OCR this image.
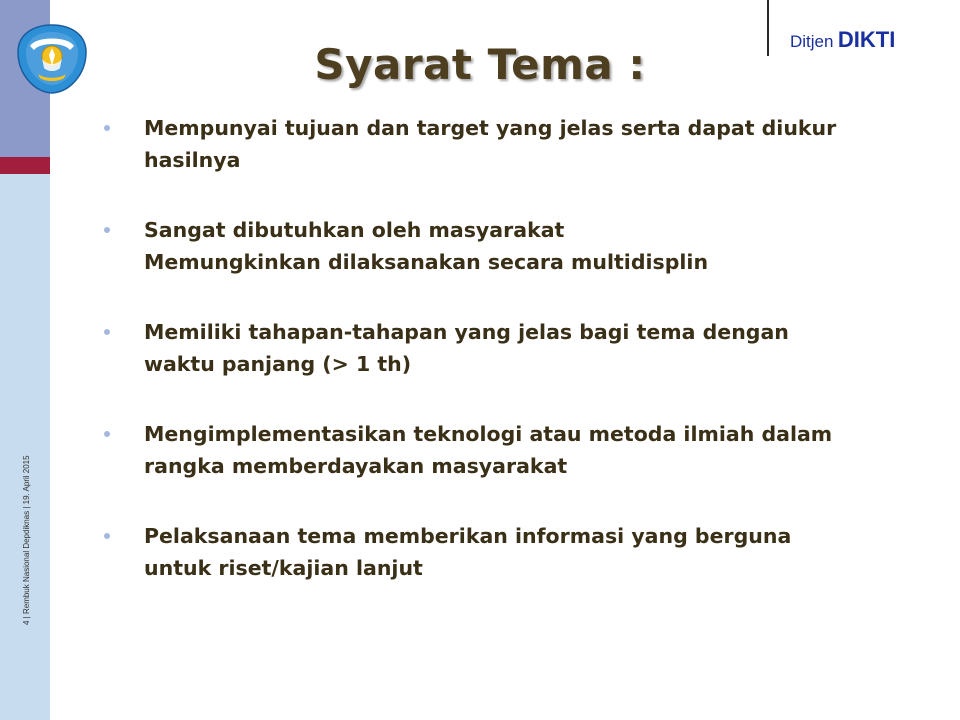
4 | Rembuk Nasional Depdiknas | 19. April 2015
Ditjen DIKTI
Syarat Tema :
Mempunyai tujuan dan target yang jelas serta dapat diukur
hasilnya
Sangat dibutuhkan oleh masyarakat
Memungkinkan dilaksanakan secara multidisplin
Memiliki tahapan-tahapan yang jelas bagi tema dengan
waktu panjang (> 1 th)
Mengimplementasikan teknologi atau metoda ilmiah dalam
rangka memberdayakan masyarakat
Pelaksanaan tema memberikan informasi yang berguna
untuk riset/kajian lanjut
